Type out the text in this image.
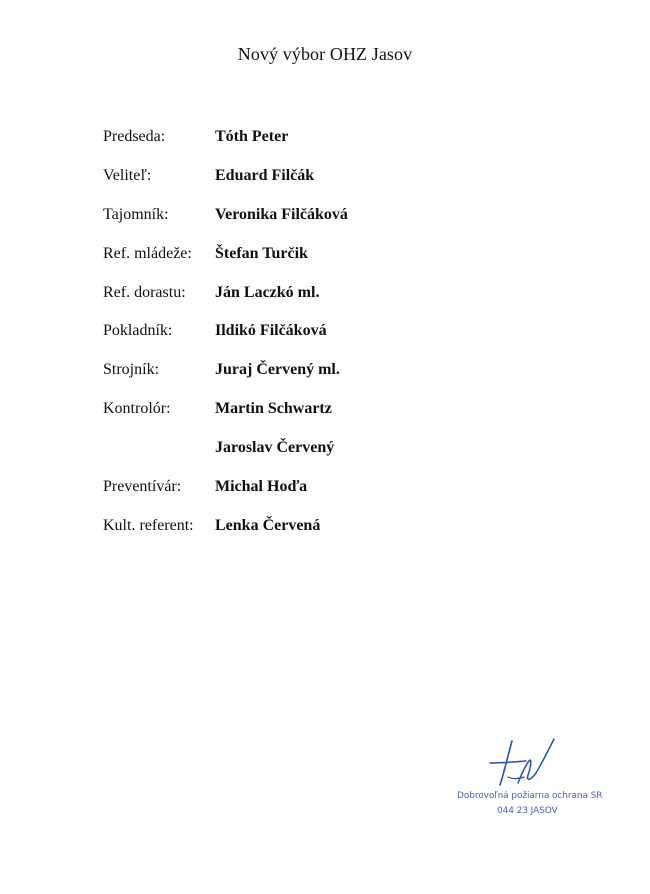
Nový výbor OHZ Jasov
Predseda:	Tóth Peter
Veliteľ:	Eduard Filčák
Tajomník:	Veronika Filčáková
Ref. mládeže: Štefan Turčik
Ref. dorastu: Ján Laczkó ml.
Pokladník:	Ildikó Filčáková
Strojník:	Juraj Červený ml.
Kontrolór:	Martin Schwartz
Jaroslav Červený
Preventívár: Michal Hoďa
Kult. referent: Lenka Červená
Dobrovoľná požiarna ochrana SR
044 23 JASOV
